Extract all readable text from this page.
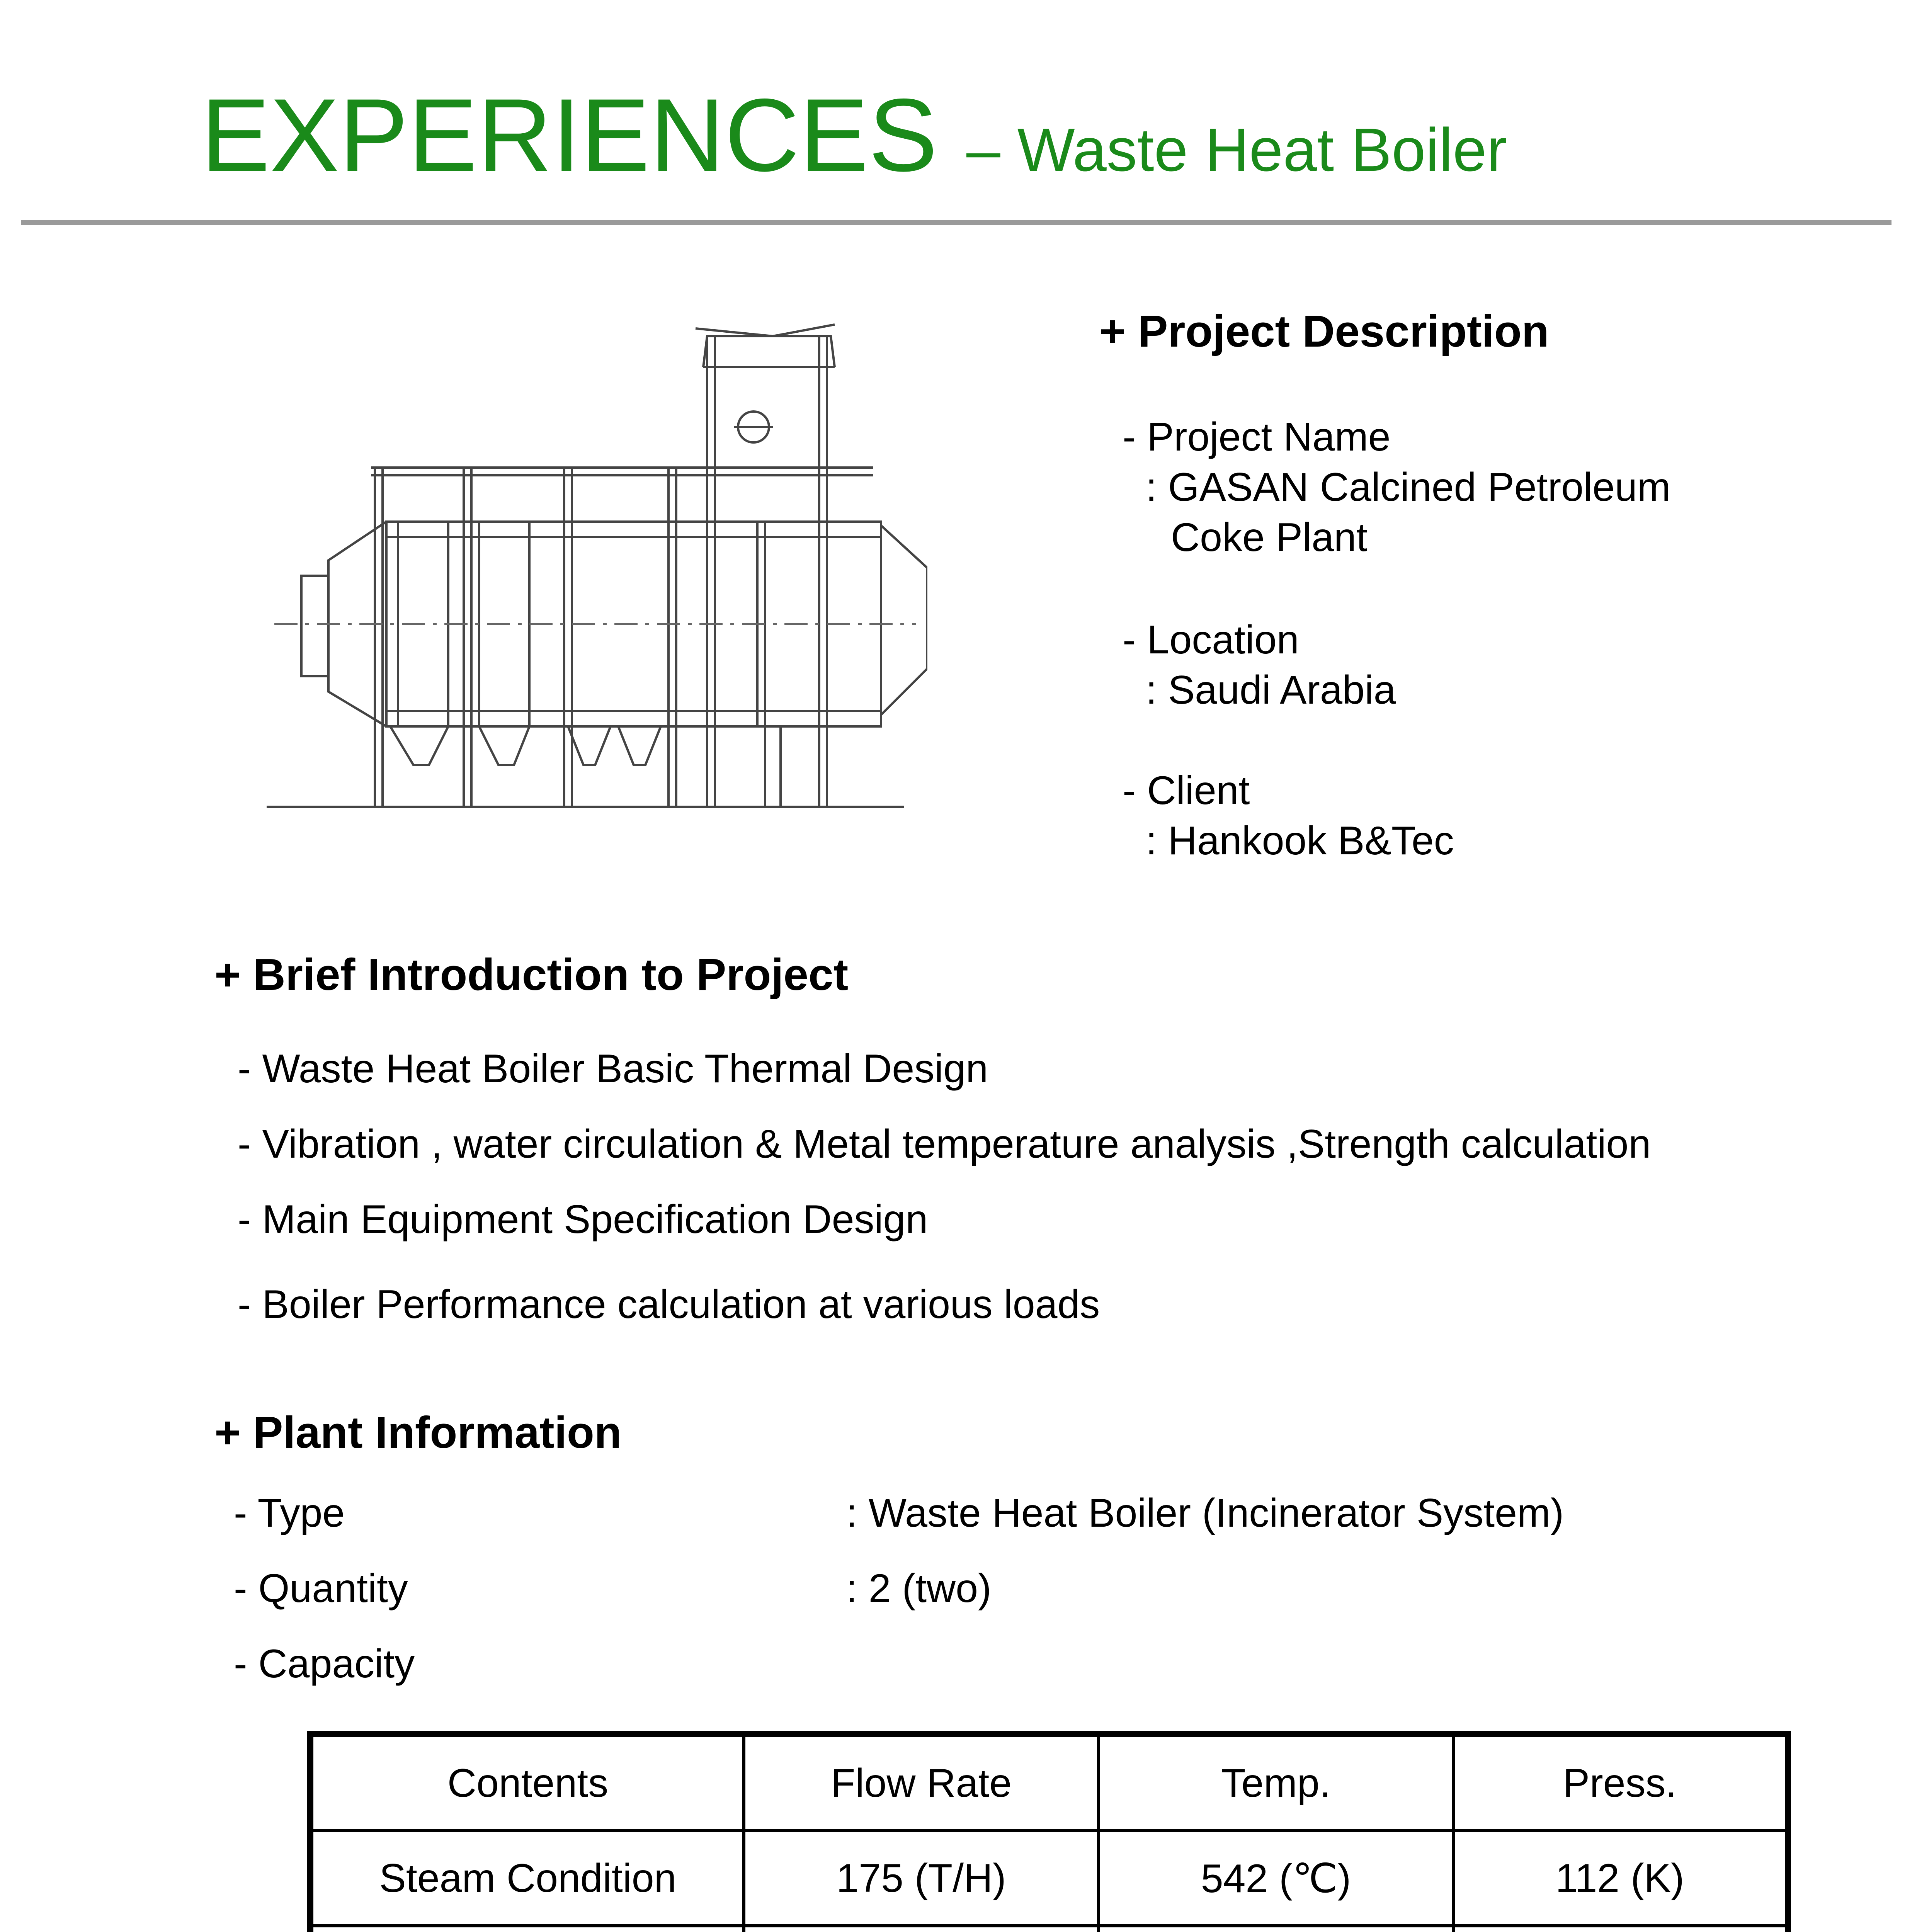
EXPERIENCES – Waste Heat Boiler
+ Project Description
- Project Name
: GASAN Calcined Petroleum
Coke Plant
- Location
: Saudi Arabia
- Client
: Hankook B&Tec
+ Brief Introduction to Project
- Waste Heat Boiler Basic Thermal Design
- Vibration , water circulation & Metal temperature analysis ,Strength calculation
- Main Equipment Specification Design
- Boiler Performance calculation at various loads
+ Plant Information
- Type	: Waste Heat Boiler (Incinerator System)
- Quantity	: 2 (two)
- Capacity
Contents	Flow Rate	Temp.	Press.
Steam Condition	175 (T/H)	542 (℃)	112 (K)
